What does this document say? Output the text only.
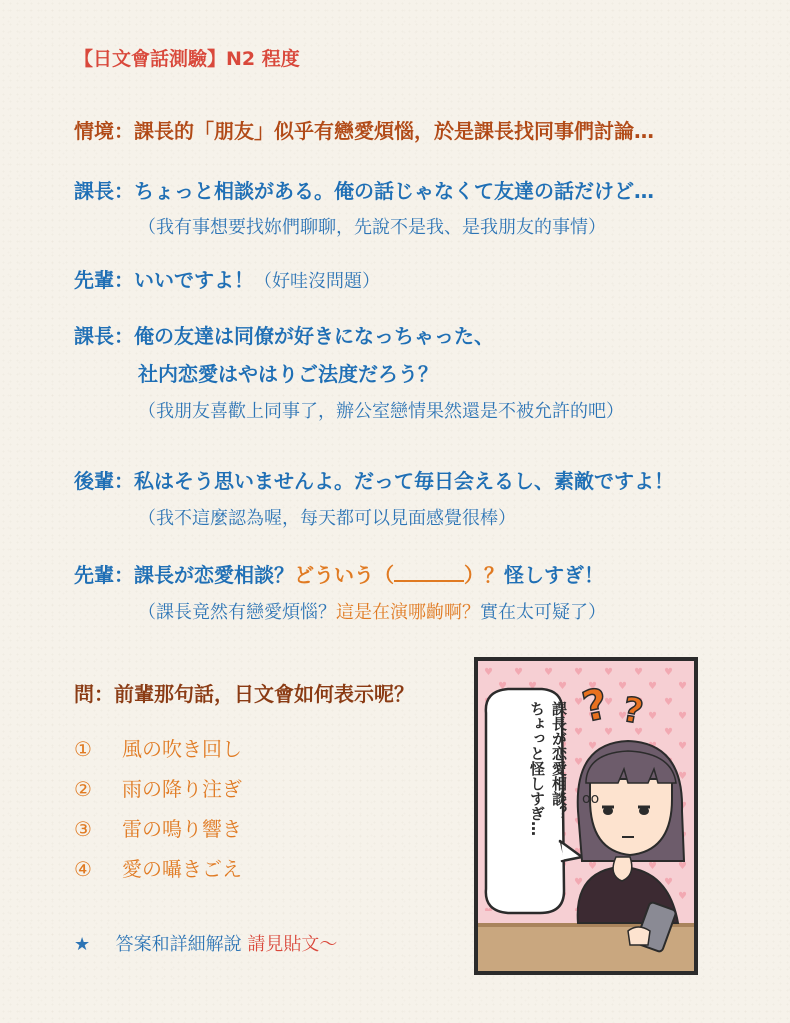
【日文會話測驗】N2 程度
情境：課長的「朋友」似乎有戀愛煩惱，於是課長找同事們討論…
課長：ちょっと相談がある。俺の話じゃなくて友達の話だけど…
（我有事想要找妳們聊聊，先說不是我、是我朋友的事情）
先輩：いいですよ！（好哇沒問題）
課長：俺の友達は同僚が好きになっちゃった、
社内恋愛はやはりご法度だろう？
（我朋友喜歡上同事了，辦公室戀情果然還是不被允許的吧）
後輩：私はそう思いませんよ。だって毎日会えるし、素敵ですよ！
（我不這麼認為喔，每天都可以見面感覺很棒）
先輩：課長が恋愛相談？どういう（	）？怪しすぎ！
（課長竟然有戀愛煩惱？這是在演哪齣啊？實在太可疑了）
問：前輩那句話，日文會如何表示呢？
① 風の吹き回し
② 雨の降り注ぎ
③ 雷の鳴り響き
④ 愛の囁きごえ
★ 答案和詳細解說 請見貼文〜
? ?
oo
課長が恋愛相談？
ちょっと怪しすぎ…
